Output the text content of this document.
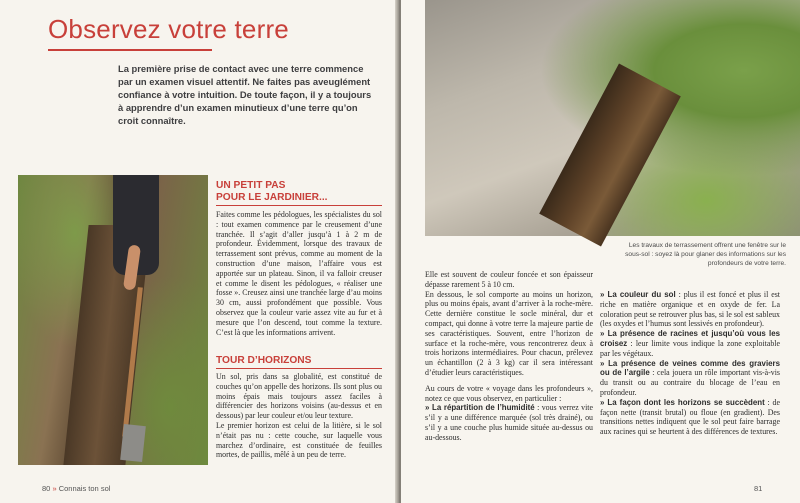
Observez votre terre
La première prise de contact avec une terre commence par un examen visuel attentif. Ne faites pas aveuglément confiance à votre intuition. De toute façon, il y a toujours à apprendre d’un examen minutieux d’une terre qu’on croit connaître.
UN PETIT PAS
POUR LE JARDINIER...
Faites comme les pédologues, les spécialistes du sol : tout examen commence par le creusement d’une tranchée. Il s’agit d’aller jusqu’à 1 à 2 m de profondeur. Évidemment, lorsque des travaux de terrassement sont prévus, comme au moment de la construction d’une maison, l’affaire vous est apportée sur un plateau. Sinon, il va falloir creuser et comme le disent les pédologues, « réaliser une fosse ». Creusez ainsi une tranchée large d’au moins 30 cm, aussi profondément que possible. Vous observez que la couleur varie assez vite au fur et à mesure que l’on descend, tout comme la texture. C’est là que les informations arrivent.
TOUR D’HORIZONS

Un sol, pris dans sa globalité, est constitué de couches qu’on appelle des horizons. Ils sont plus ou moins épais mais toujours assez faciles à différencier des horizons voisins (au-dessus et en dessous) par leur couleur et/ou leur texture.

Le premier horizon est celui de la litière, si le sol n’était pas nu : cette couche, sur laquelle vous marchez d’ordinaire, est constituée de feuilles mortes, de paillis, mêlé à un peu de terre.

80 » Connais ton sol
Les travaux de terrassement offrent une fenêtre sur le sous-sol : soyez là pour glaner des informations sur les profondeurs de votre terre.

Elle est souvent de couleur foncée et son épaisseur dépasse rarement 5 à 10 cm.

En dessous, le sol comporte au moins un horizon, plus ou moins épais, avant d’arriver à la roche-mère. Cette dernière constitue le socle minéral, dur et compact, qui donne à votre terre la majeure partie de ses caractéristiques. Souvent, entre l’horizon de surface et la roche-mère, vous rencontrerez deux à trois horizons intermédiaires. Pour chacun, prélevez un échantillon (2 à 3 kg) car il sera intéressant d’étudier leurs caractéristiques.

Au cours de votre « voyage dans les profondeurs », notez ce que vous observez, en particulier :

» La répartition de l’humidité : vous verrez vite s’il y a une différence marquée (sol très drainé), ou s’il y a une couche plus humide située au-dessus ou au-dessous.

» La couleur du sol : plus il est foncé et plus il est riche en matière organique et en oxyde de fer. La coloration peut se retrouver plus bas, si le sol est sableux (les oxydes et l’humus sont lessivés en profondeur).

» La présence de racines et jusqu’où vous les croisez : leur limite vous indique la zone exploitable par les végétaux.

» La présence de veines comme des graviers ou de l’argile : cela jouera un rôle important vis-à-vis du transit ou au contraire du blocage de l’eau en profondeur.

» La façon dont les horizons se succèdent : de façon nette (transit brutal) ou floue (en gradient). Des transitions nettes indiquent que le sol peut faire barrage aux racines qui se heurtent à des différences de textures.

81
